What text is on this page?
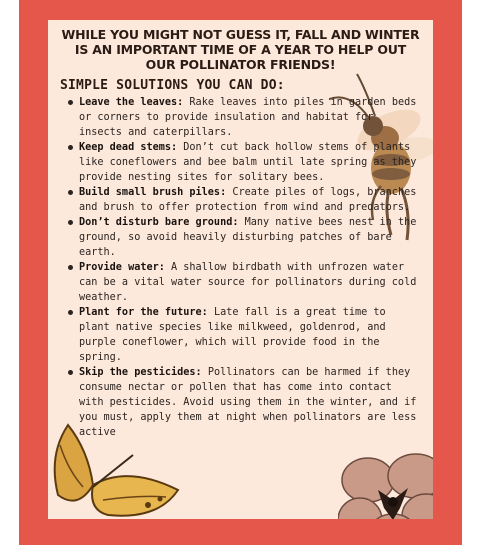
WHILE YOU MIGHT NOT GUESS IT, FALL AND WINTER IS AN IMPORTANT TIME OF A YEAR TO HELP OUT OUR POLLINATOR FRIENDS!
SIMPLE SOLUTIONS YOU CAN DO:
Leave the leaves: Rake leaves into piles in garden beds or corners to provide insulation and habitat for insects and caterpillars.
Keep dead stems: Don’t cut back hollow stems of plants like coneflowers and bee balm until late spring as they provide nesting sites for solitary bees.
Build small brush piles: Create piles of logs, branches and brush to offer protection from wind and predators.
Don’t disturb bare ground: Many native bees nest in the ground, so avoid heavily disturbing patches of bare earth.
Provide water: A shallow birdbath with unfrozen water can be a vital water source for pollinators during cold weather.
Plant for the future: Late fall is a great time to plant native species like milkweed, goldenrod, and purple coneflower, which will provide food in the spring.
Skip the pesticides: Pollinators can be harmed if they consume nectar or pollen that has come into contact with pesticides. Avoid using them in the winter, and if you must, apply them at night when pollinators are less active
